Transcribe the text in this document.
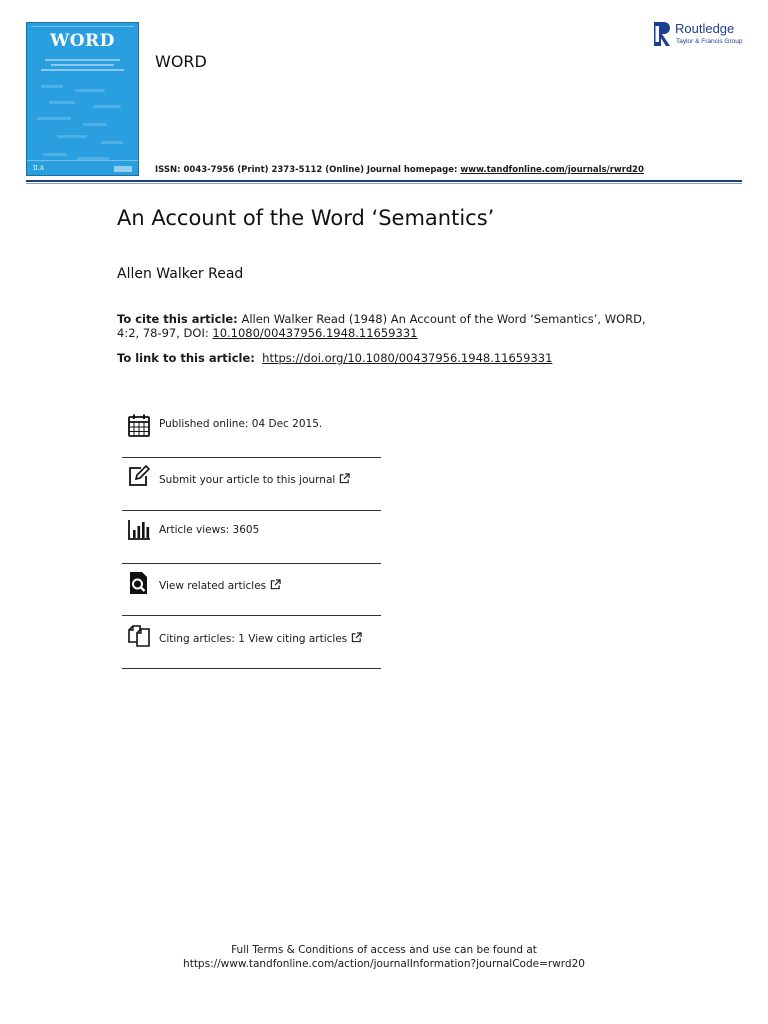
WORD
II.A
WORD
ISSN: 0043-7956 (Print) 2373-5112 (Online) Journal homepage: www.tandfonline.com/journals/rwrd20
Routledge
Taylor & Francis Group
An Account of the Word ‘Semantics’
Allen Walker Read
To cite this article: Allen Walker Read (1948) An Account of the Word ‘Semantics’, WORD, 4:2, 78-97, DOI: 10.1080/00437956.1948.11659331
To link to this article: https://doi.org/10.1080/00437956.1948.11659331
Published online: 04 Dec 2015.
Submit your article to this journal
Article views: 3605
View related articles
Citing articles: 1 View citing articles
Full Terms & Conditions of access and use can be found at
https://www.tandfonline.com/action/journalInformation?journalCode=rwrd20
